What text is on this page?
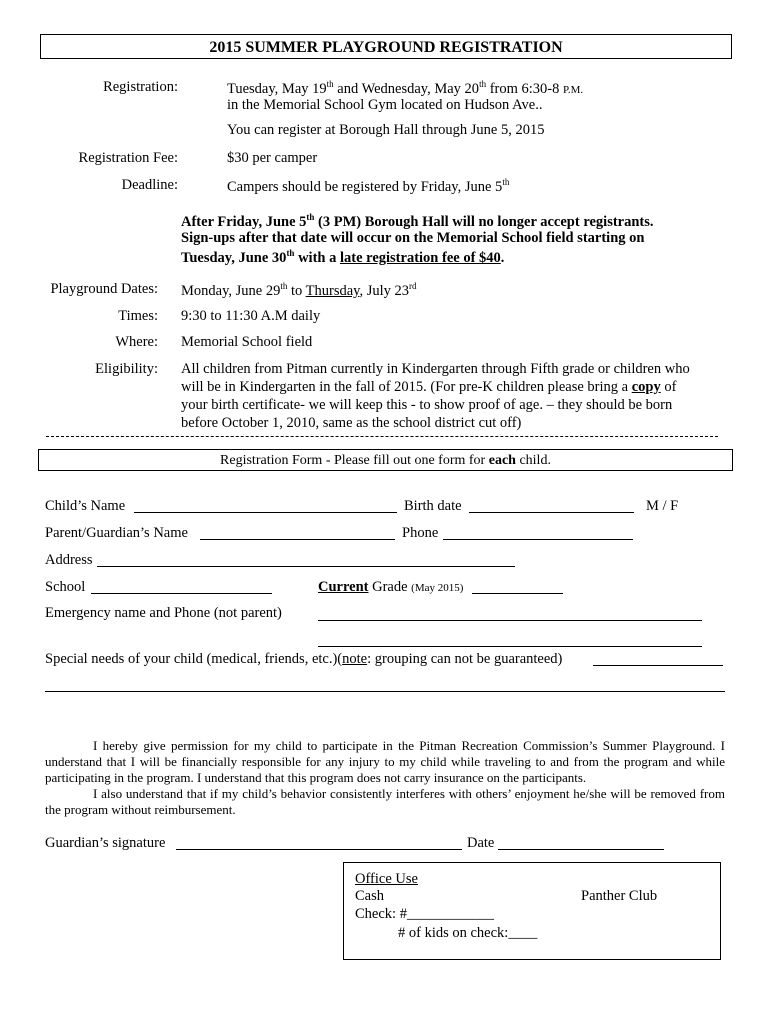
2015 SUMMER PLAYGROUND REGISTRATION
Registration:	Tuesday, May 19th and Wednesday, May 20th from 6:30-8 P.M.
in the Memorial School Gym located on Hudson Ave..
You can register at Borough Hall through June 5, 2015
Registration Fee:	$30 per camper
Deadline:	Campers should be registered by Friday, June 5th
After Friday, June 5th (3 PM) Borough Hall will no longer accept registrants.
Sign-ups after that date will occur on the Memorial School field starting on
Tuesday, June 30th with a late registration fee of $40.
Playground Dates: Monday, June 29th to Thursday, July 23rd
Times: 9:30 to 11:30 A.M daily
Where: Memorial School field
Eligibility: All children from Pitman currently in Kindergarten through Fifth grade or children who
will be in Kindergarten in the fall of 2015. (For pre-K children please bring a copy of
your birth certificate- we will keep this - to show proof of age. – they should be born
before October 1, 2010, same as the school district cut off)
Registration Form - Please fill out one form for each child.
Child’s Name	Birth date	M / F
Parent/Guardian’s Name	Phone
Address
School	Current Grade (May 2015)
Emergency name and Phone (not parent)
Special needs of your child (medical, friends, etc.)(note: grouping can not be guaranteed)
I hereby give permission for my child to participate in the Pitman Recreation Commission’s Summer Playground. I understand that I will be financially responsible for any injury to my child while traveling to and from the program and while participating in the program. I understand that this program does not carry insurance on the participants.
I also understand that if my child’s behavior consistently interferes with others’ enjoyment he/she will be removed from the program without reimbursement.
Guardian’s signature	Date
Office Use
Cash	Panther Club
Check: #____________
# of kids on check:____
